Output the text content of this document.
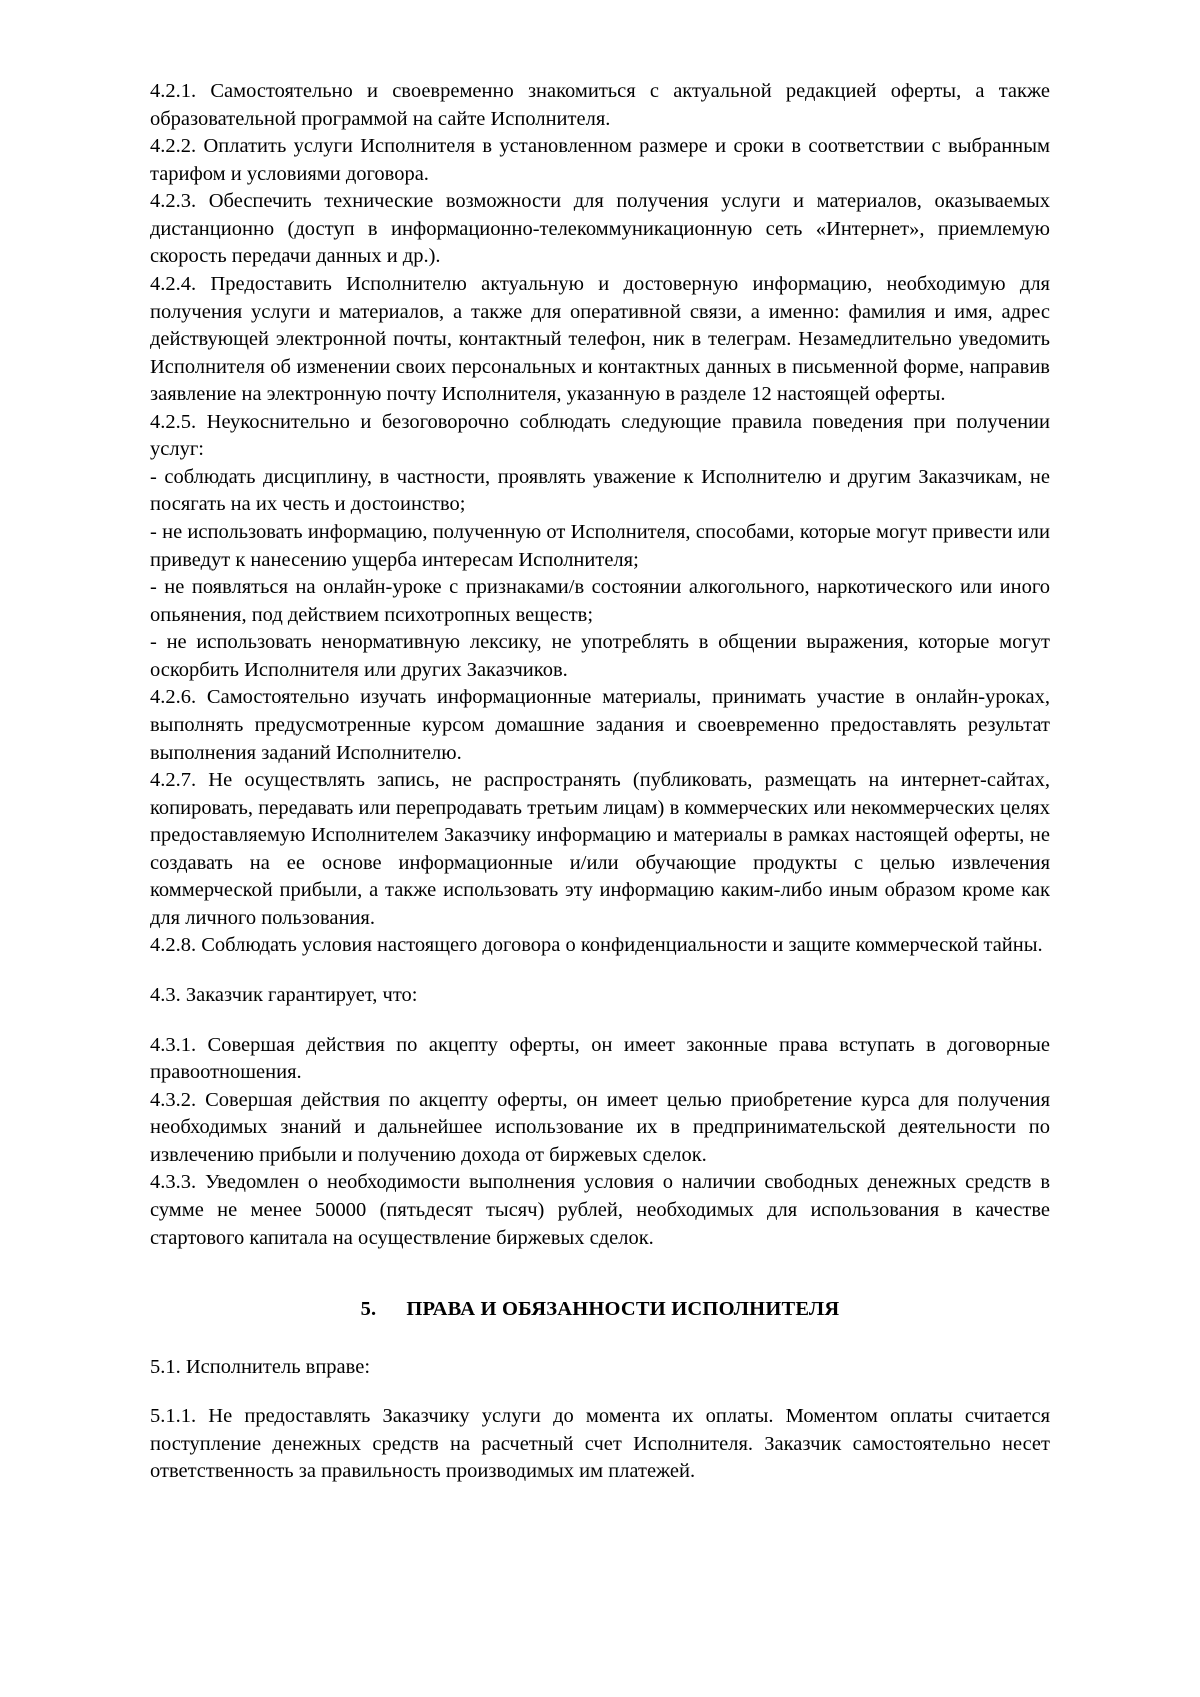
4.2.1. Самостоятельно и своевременно знакомиться с актуальной редакцией оферты, а также образовательной программой на сайте Исполнителя.

4.2.2. Оплатить услуги Исполнителя в установленном размере и сроки в соответствии с выбранным тарифом и условиями договора.

4.2.3. Обеспечить технические возможности для получения услуги и материалов, оказываемых дистанционно (доступ в информационно-телекоммуникационную сеть «Интернет», приемлемую скорость передачи данных и др.).

4.2.4. Предоставить Исполнителю актуальную и достоверную информацию, необходимую для получения услуги и материалов, а также для оперативной связи, а именно: фамилия и имя, адрес действующей электронной почты, контактный телефон, ник в телеграм. Незамедлительно уведомить Исполнителя об изменении своих персональных и контактных данных в письменной форме, направив заявление на электронную почту Исполнителя, указанную в разделе 12 настоящей оферты.

4.2.5. Неукоснительно и безоговорочно соблюдать следующие правила поведения при получении услуг:

- соблюдать дисциплину, в частности, проявлять уважение к Исполнителю и другим Заказчикам, не посягать на их честь и достоинство;

- не использовать информацию, полученную от Исполнителя, способами, которые могут привести или приведут к нанесению ущерба интересам Исполнителя;

- не появляться на онлайн-уроке с признаками/в состоянии алкогольного, наркотического или иного опьянения, под действием психотропных веществ;

- не использовать ненормативную лексику, не употреблять в общении выражения, которые могут оскорбить Исполнителя или других Заказчиков.

4.2.6. Самостоятельно изучать информационные материалы, принимать участие в онлайн-уроках, выполнять предусмотренные курсом домашние задания и своевременно предоставлять результат выполнения заданий Исполнителю.

4.2.7. Не осуществлять запись, не распространять (публиковать, размещать на интернет-сайтах, копировать, передавать или перепродавать третьим лицам) в коммерческих или некоммерческих целях предоставляемую Исполнителем Заказчику информацию и материалы в рамках настоящей оферты, не создавать на ее основе информационные и/или обучающие продукты с целью извлечения коммерческой прибыли, а также использовать эту информацию каким-либо иным образом кроме как для личного пользования.

4.2.8. Соблюдать условия настоящего договора о конфиденциальности и защите коммерческой тайны.

4.3. Заказчик гарантирует, что:

4.3.1. Совершая действия по акцепту оферты, он имеет законные права вступать в договорные правоотношения.

4.3.2. Совершая действия по акцепту оферты, он имеет целью приобретение курса для получения необходимых знаний и дальнейшее использование их в предпринимательской деятельности по извлечению прибыли и получению дохода от биржевых сделок.

4.3.3. Уведомлен о необходимости выполнения условия о наличии свободных денежных средств в сумме не менее 50000 (пятьдесят тысяч) рублей, необходимых для использования в качестве стартового капитала на осуществление биржевых сделок.

5. ПРАВА И ОБЯЗАННОСТИ ИСПОЛНИТЕЛЯ

5.1. Исполнитель вправе:

5.1.1. Не предоставлять Заказчику услуги до момента их оплаты. Моментом оплаты считается поступление денежных средств на расчетный счет Исполнителя. Заказчик самостоятельно несет ответственность за правильность производимых им платежей.
